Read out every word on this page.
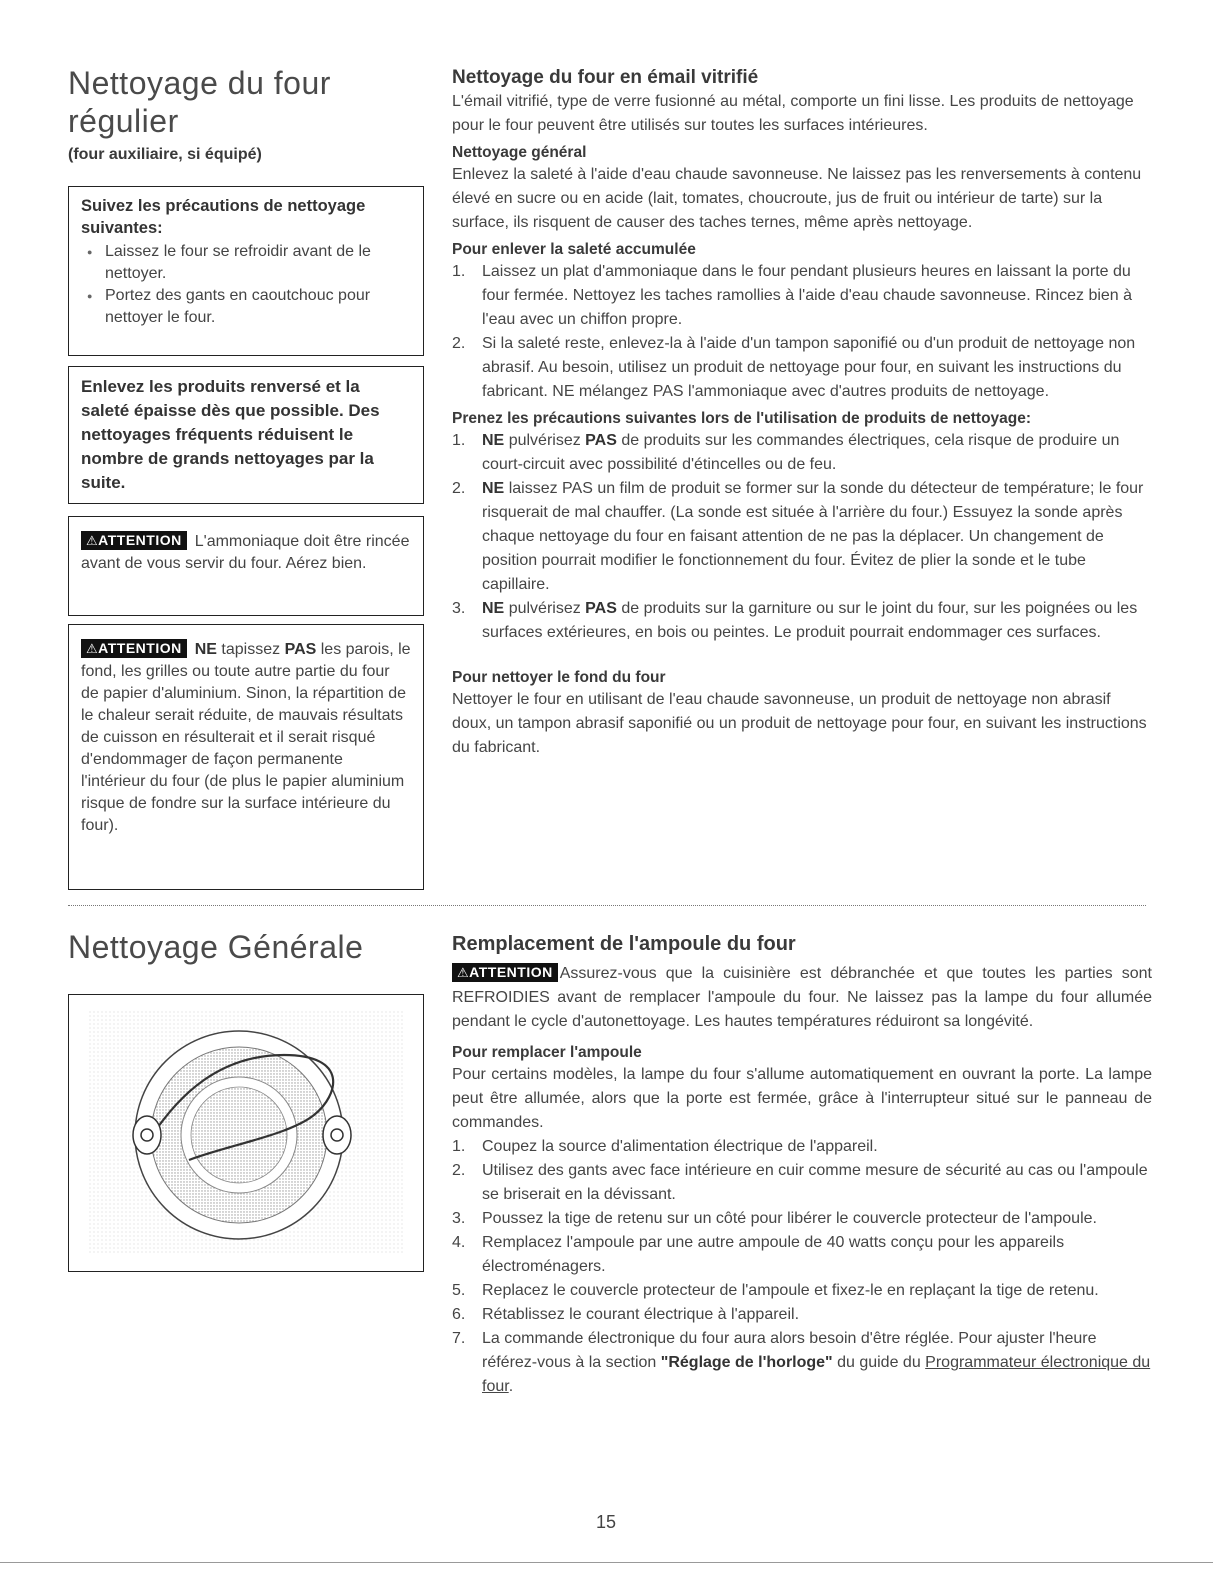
Nettoyage du four
régulier
(four auxiliaire, si équipé)
Suivez les précautions de nettoyage suivantes:
● Laissez le four se refroidir avant de le nettoyer.
● Portez des gants en caoutchouc pour nettoyer le four.
Enlevez les produits renversé et la saleté épaisse dès que possible. Des nettoyages fréquents réduisent le nombre de grands nettoyages par la suite.
⚠ATTENTION L'ammoniaque doit être rincée avant de vous servir du four. Aérez bien.
⚠ATTENTION NE tapissez PAS les parois, le fond, les grilles ou toute autre partie du four de papier d'aluminium. Sinon, la répartition de le chaleur serait réduite, de mauvais résultats de cuisson en résulterait et il serait risqué d'endommager de façon permanente l'intérieur du four (de plus le papier aluminium risque de fondre sur la surface intérieure du four).
Nettoyage du four en émail vitrifié

L'émail vitrifié, type de verre fusionné au métal, comporte un fini lisse. Les produits de nettoyage pour le four peuvent être utilisés sur toutes les surfaces intérieures.

Nettoyage général

Enlevez la saleté à l'aide d'eau chaude savonneuse. Ne laissez pas les renversements à contenu élevé en sucre ou en acide (lait, tomates, choucroute, jus de fruit ou intérieur de tarte) sur la surface, ils risquent de causer des taches ternes, même après nettoyage.

Pour enlever la saleté accumulée
1. Laissez un plat d'ammoniaque dans le four pendant plusieurs heures en laissant la porte du four fermée. Nettoyez les taches ramollies à l'aide d'eau chaude savonneuse. Rincez bien à l'eau avec un chiffon propre.
2. Si la saleté reste, enlevez-la à l'aide d'un tampon saponifié ou d'un produit de nettoyage non abrasif. Au besoin, utilisez un produit de nettoyage pour four, en suivant les instructions du fabricant. NE mélangez PAS l'ammoniaque avec d'autres produits de nettoyage.
Prenez les précautions suivantes lors de l'utilisation de produits de nettoyage:
1. NE pulvérisez PAS de produits sur les commandes électriques, cela risque de produire un court-circuit avec possibilité d'étincelles ou de feu.
2. NE laissez PAS un film de produit se former sur la sonde du détecteur de température; le four risquerait de mal chauffer. (La sonde est située à l'arrière du four.) Essuyez la sonde après chaque nettoyage du four en faisant attention de ne pas la déplacer. Un changement de position pourrait modifier le fonctionnement du four. Évitez de plier la sonde et le tube capillaire.
3. NE pulvérisez PAS de produits sur la garniture ou sur le joint du four, sur les poignées ou les surfaces extérieures, en bois ou peintes. Le produit pourrait endommager ces surfaces.
Pour nettoyer le fond du four

Nettoyer le four en utilisant de l'eau chaude savonneuse, un produit de nettoyage non abrasif doux, un tampon abrasif saponifié ou un produit de nettoyage pour four, en suivant les instructions du fabricant.

Nettoyage Générale	Remplacement de l'ampoule du four

⚠ATTENTION Assurez-vous que la cuisinière est débranchée et que toutes les parties sont REFROIDIES avant de remplacer l'ampoule du four. Ne laissez pas la lampe du four allumée pendant le cycle d'autonettoyage. Les hautes températures réduiront sa longévité.

Pour remplacer l'ampoule

Pour certains modèles, la lampe du four s'allume automatiquement en ouvrant la porte. La lampe peut être allumée, alors que la porte est fermée, grâce à l'interrupteur situé sur le panneau de commandes.

1. Coupez la source d'alimentation électrique de l'appareil.
2. Utilisez des gants avec face intérieure en cuir comme mesure de sécurité au cas ou l'ampoule se briserait en la dévissant.
3. Poussez la tige de retenu sur un côté pour libérer le couvercle protecteur de l'ampoule.
4. Remplacez l'ampoule par une autre ampoule de 40 watts conçu pour les appareils électroménagers.
5. Replacez le couvercle protecteur de l'ampoule et fixez-le en replaçant la tige de retenu.
6. Rétablissez le courant électrique à l'appareil.
7. La commande électronique du four aura alors besoin d'être réglée. Pour ajuster l'heure référez-vous à la section "Réglage de l'horloge" du guide du Programmateur électronique du four.
15
